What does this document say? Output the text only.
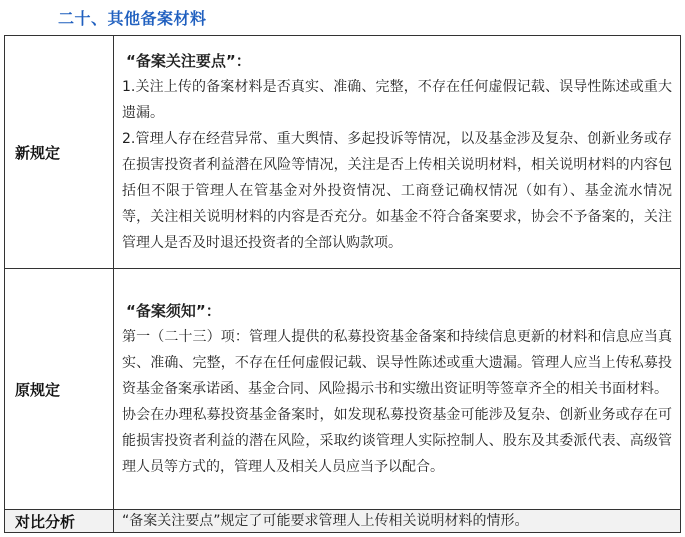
二十、其他备案材料
新规定	“备案关注要点”：

1.关注上传的备案材料是否真实、准确、完整，不存在任何虚假记载、误导性陈述或重大遗漏。

2.管理人存在经营异常、重大舆情、多起投诉等情况，以及基金涉及复杂、创新业务或存在损害投资者利益潜在风险等情况，关注是否上传相关说明材料，相关说明材料的内容包括但不限于管理人在管基金对外投资情况、工商登记确权情况（如有）、基金流水情况等，关注相关说明材料的内容是否充分。如基金不符合备案要求，协会不予备案的，关注管理人是否及时退还投资者的全部认购款项。

原规定	“备案须知”：

第一（二十三）项：管理人提供的私募投资基金备案和持续信息更新的材料和信息应当真实、准确、完整，不存在任何虚假记载、误导性陈述或重大遗漏。管理人应当上传私募投资基金备案承诺函、基金合同、风险揭示书和实缴出资证明等签章齐全的相关书面材料。

协会在办理私募投资基金备案时，如发现私募投资基金可能涉及复杂、创新业务或存在可能损害投资者利益的潜在风险，采取约谈管理人实际控制人、股东及其委派代表、高级管理人员等方式的，管理人及相关人员应当予以配合。

对比分析	“备案关注要点”规定了可能要求管理人上传相关说明材料的情形。
